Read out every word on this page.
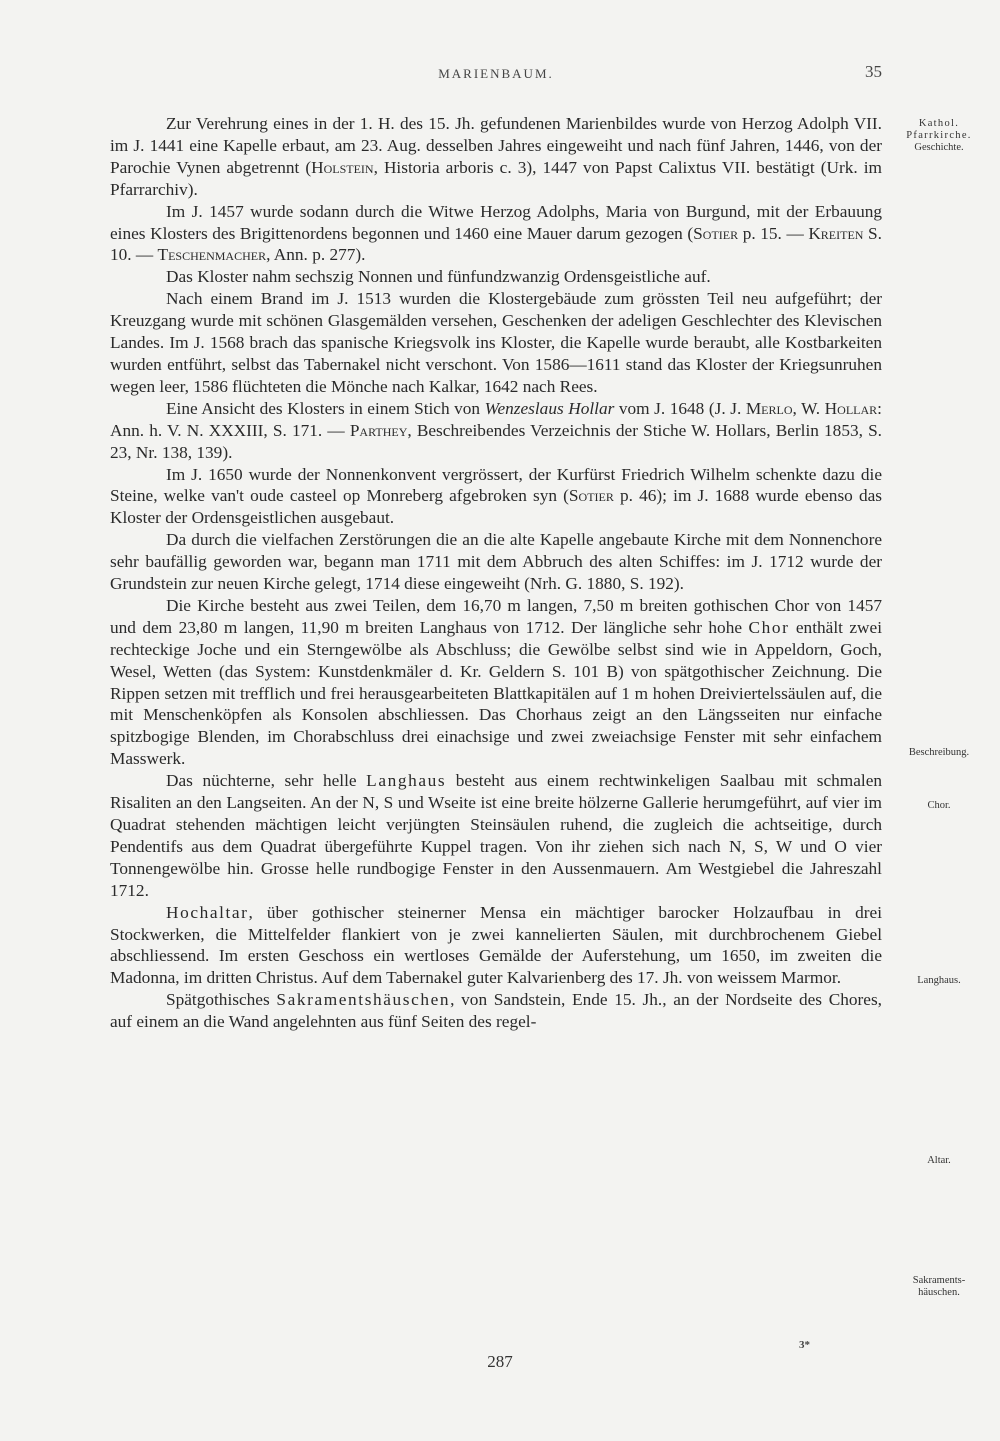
MARIENBAUM.	35

Zur Verehrung eines in der 1. H. des 15. Jh. gefundenen Marienbildes wurde von Herzog Adolph VII. im J. 1441 eine Kapelle erbaut, am 23. Aug. desselben Jahres eingeweiht und nach fünf Jahren, 1446, von der Parochie Vynen abgetrennt (Holstein, Historia arboris c. 3), 1447 von Papst Calixtus VII. bestätigt (Urk. im Pfarrarchiv).

Im J. 1457 wurde sodann durch die Witwe Herzog Adolphs, Maria von Burgund, mit der Erbauung eines Klosters des Brigittenordens begonnen und 1460 eine Mauer darum gezogen (Sotier p. 15. — Kreiten S. 10. — Teschenmacher, Ann. p. 277).

Das Kloster nahm sechszig Nonnen und fünfundzwanzig Ordensgeistliche auf.

Nach einem Brand im J. 1513 wurden die Klostergebäude zum grössten Teil neu aufgeführt; der Kreuzgang wurde mit schönen Glasgemälden versehen, Geschenken der adeligen Geschlechter des Klevischen Landes. Im J. 1568 brach das spanische Kriegsvolk ins Kloster, die Kapelle wurde beraubt, alle Kostbarkeiten wurden entführt, selbst das Tabernakel nicht verschont. Von 1586—1611 stand das Kloster der Kriegsunruhen wegen leer, 1586 flüchteten die Mönche nach Kalkar, 1642 nach Rees.

Eine Ansicht des Klosters in einem Stich von Wenzeslaus Hollar vom J. 1648 (J. J. Merlo, W. Hollar: Ann. h. V. N. XXXIII, S. 171. — Parthey, Beschreibendes Verzeichnis der Stiche W. Hollars, Berlin 1853, S. 23, Nr. 138, 139).

Im J. 1650 wurde der Nonnenkonvent vergrössert, der Kurfürst Friedrich Wilhelm schenkte dazu die Steine, welke van't oude casteel op Monreberg afgebroken syn (Sotier p. 46); im J. 1688 wurde ebenso das Kloster der Ordensgeistlichen ausgebaut.

Da durch die vielfachen Zerstörungen die an die alte Kapelle angebaute Kirche mit dem Nonnenchore sehr baufällig geworden war, begann man 1711 mit dem Abbruch des alten Schiffes: im J. 1712 wurde der Grundstein zur neuen Kirche gelegt, 1714 diese eingeweiht (Nrh. G. 1880, S. 192).

Die Kirche besteht aus zwei Teilen, dem 16,70 m langen, 7,50 m breiten gothischen Chor von 1457 und dem 23,80 m langen, 11,90 m breiten Langhaus von 1712. Der längliche sehr hohe Chor enthält zwei rechteckige Joche und ein Sterngewölbe als Abschluss; die Gewölbe selbst sind wie in Appeldorn, Goch, Wesel, Wetten (das System: Kunstdenkmäler d. Kr. Geldern S. 101 B) von spätgothischer Zeichnung. Die Rippen setzen mit trefflich und frei herausgearbeiteten Blattkapitälen auf 1 m hohen Dreiviertelssäulen auf, die mit Menschenköpfen als Konsolen abschliessen. Das Chorhaus zeigt an den Längsseiten nur einfache spitzbogige Blenden, im Chorabschluss drei einachsige und zwei zweiachsige Fenster mit sehr einfachem Masswerk.

Das nüchterne, sehr helle Langhaus besteht aus einem rechtwinkeligen Saalbau mit schmalen Risaliten an den Langseiten. An der N, S und Wseite ist eine breite hölzerne Gallerie herumgeführt, auf vier im Quadrat stehenden mächtigen leicht verjüngten Steinsäulen ruhend, die zugleich die achtseitige, durch Pendentifs aus dem Quadrat übergeführte Kuppel tragen. Von ihr ziehen sich nach N, S, W und O vier Tonnengewölbe hin. Grosse helle rundbogige Fenster in den Aussenmauern. Am Westgiebel die Jahreszahl 1712.

Hochaltar, über gothischer steinerner Mensa ein mächtiger barocker Holzaufbau in drei Stockwerken, die Mittelfelder flankiert von je zwei kannelierten Säulen, mit durchbrochenem Giebel abschliessend. Im ersten Geschoss ein wertloses Gemälde der Auferstehung, um 1650, im zweiten die Madonna, im dritten Christus. Auf dem Tabernakel guter Kalvarienberg des 17. Jh. von weissem Marmor.

Spätgothisches Sakramentshäuschen, von Sandstein, Ende 15. Jh., an der Nordseite des Chores, auf einem an die Wand angelehnten aus fünf Seiten des regel-

Kathol.
Pfarrkirche.
Geschichte.
Beschreibung.
Chor.
Langhaus.
Altar.
Sakraments-
häuschen.
3*
287
